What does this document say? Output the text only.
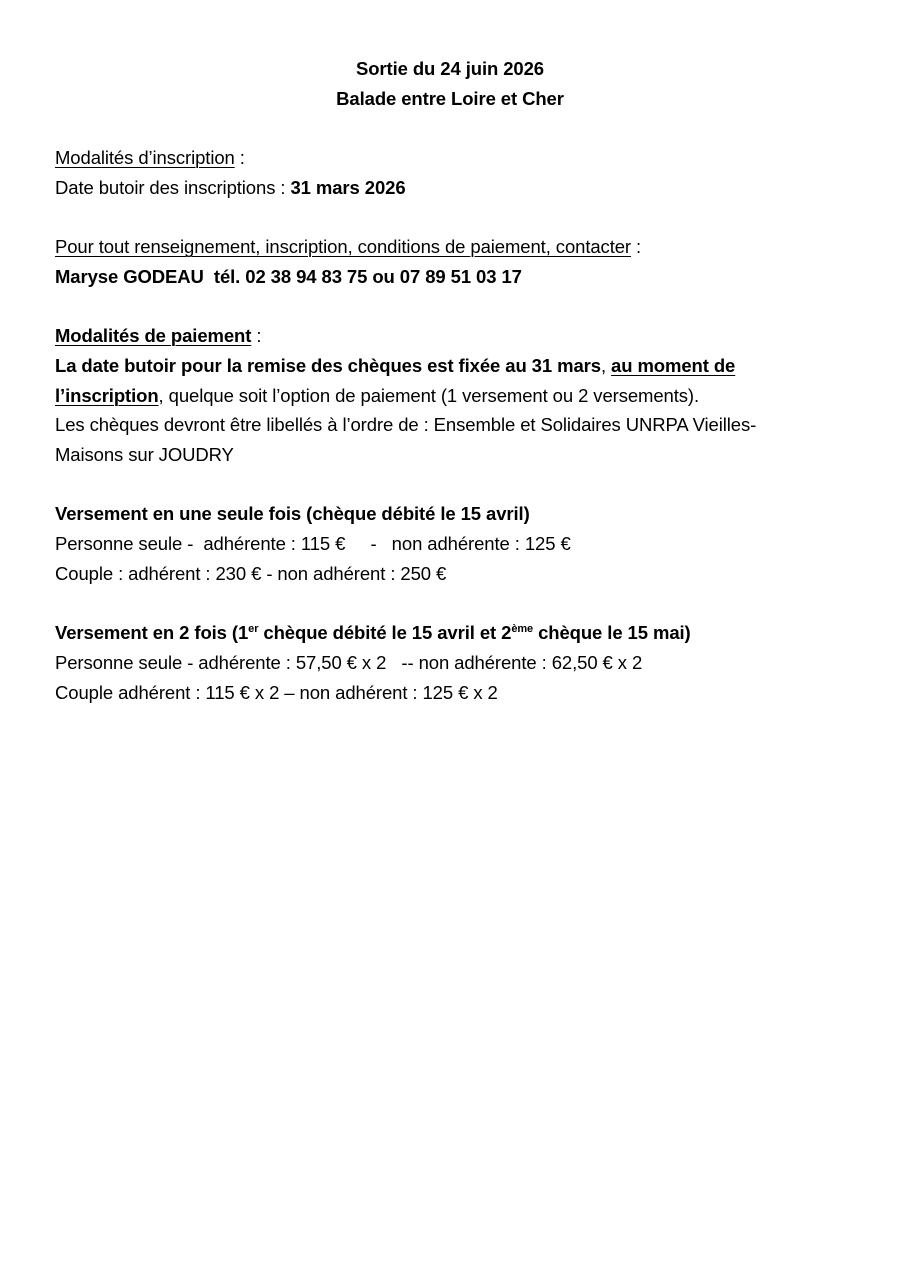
Sortie du 24 juin 2026

Balade entre Loire et Cher

Modalités d’inscription :

Date butoir des inscriptions : 31 mars 2026

Pour tout renseignement, inscription, conditions de paiement, contacter :

Maryse GODEAU  tél. 02 38 94 83 75 ou 07 89 51 03 17

Modalités de paiement :

La date butoir pour la remise des chèques est fixée au 31 mars, au moment de

l’inscription, quelque soit l’option de paiement (1 versement ou 2 versements).

Les chèques devront être libellés à l’ordre de : Ensemble et Solidaires UNRPA Vieilles-

Maisons sur JOUDRY

Versement en une seule fois (chèque débité le 15 avril)

Personne seule -  adhérente : 115 €     -   non adhérente : 125 €

Couple : adhérent : 230 € - non adhérent : 250 €

Versement en 2 fois (1er chèque débité le 15 avril et 2ème chèque le 15 mai)

Personne seule - adhérente : 57,50 € x 2   -- non adhérente : 62,50 € x 2

Couple adhérent : 115 € x 2 – non adhérent : 125 € x 2
